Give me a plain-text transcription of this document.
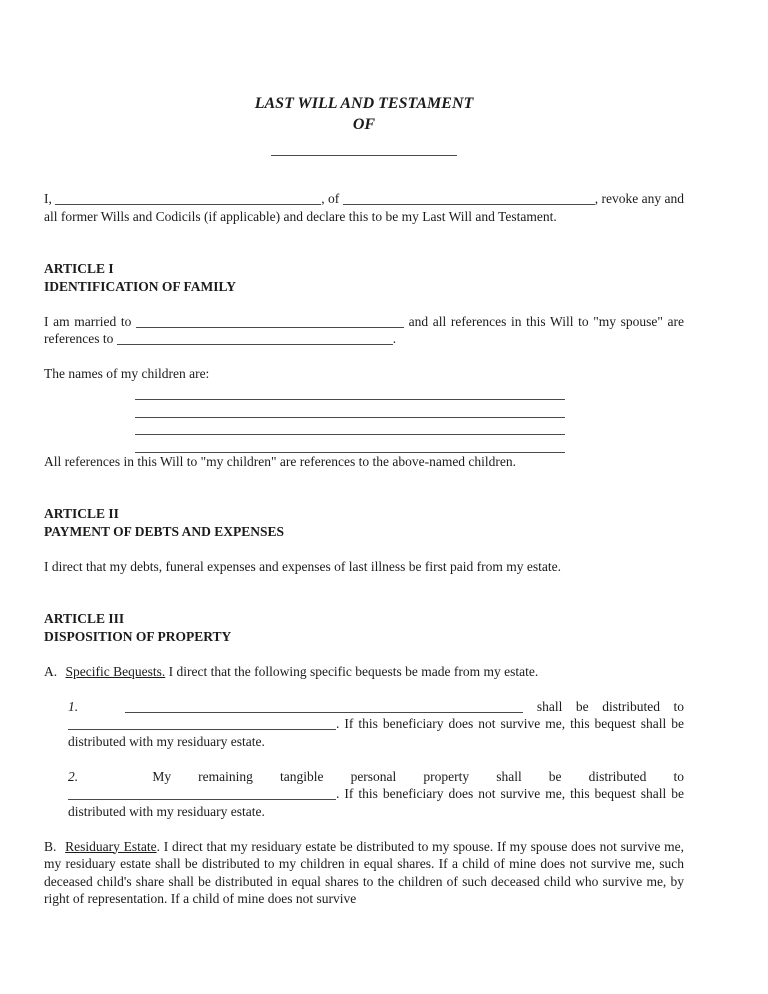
LAST WILL AND TESTAMENT
OF

I,	, of	, revoke any and all former Wills and Codicils (if applicable) and declare this to be my Last Will and Testament.

ARTICLE I
IDENTIFICATION OF FAMILY

I am married to	and all references in this Will to "my spouse" are references to	.

The names of my children are:

All references in this Will to "my children" are references to the above-named children.

ARTICLE II
PAYMENT OF DEBTS AND EXPENSES

I direct that my debts, funeral expenses and expenses of last illness be first paid from my estate.

ARTICLE III
DISPOSITION OF PROPERTY

A. Specific Bequests. I direct that the following specific bequests be made from my estate.

1.	shall be distributed to . If this beneficiary does not survive me, this bequest shall be distributed with my residuary estate.

2.	My remaining tangible personal property shall be distributed to . If this beneficiary does not survive me, this bequest shall be distributed with my residuary estate.

B. Residuary Estate. I direct that my residuary estate be distributed to my spouse. If my spouse does not survive me, my residuary estate shall be distributed to my children in equal shares. If a child of mine does not survive me, such deceased child's share shall be distributed in equal shares to the children of such deceased child who survive me, by right of representation. If a child of mine does not survive
